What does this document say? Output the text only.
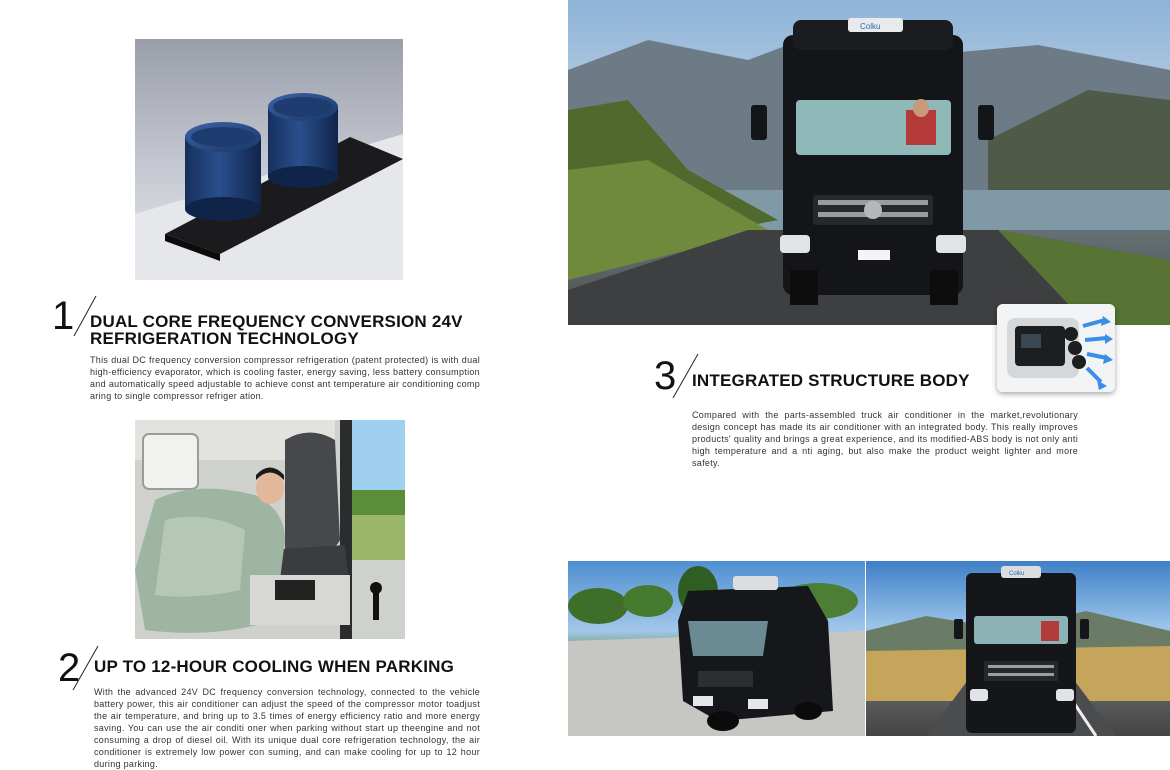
1 DUAL CORE FREQUENCY CONVERSION 24V
REFRIGERATION TECHNOLOGY
This dual DC frequency conversion compressor refrigeration (patent protected) is with dual high-efficiency evaporator, which is cooling faster, energy saving, less battery consumption and automatically speed adjustable to achieve const ant temperature air conditioning comp aring to single compressor refriger ation.
2 UP TO 12-HOUR COOLING WHEN PARKING
With the advanced 24V DC frequency conversion technology, connected to the vehicle battery power, this air conditioner can adjust the speed of the compressor motor toadjust the air temperature, and bring up to 3.5 times of energy efficiency ratio and more energy saving. You can use the air conditi oner when parking without start up theengine and not consuming a drop of diesel oil. With its unique dual core refrigeration technology, the air conditioner is extremely low power con suming, and can make cooling for up to 12 hour during parking.
Colku
3 INTEGRATED STRUCTURE BODY
Compared with the parts-assembled truck air conditioner in the market,revolutionary design concept has made its air conditioner with an integrated body. This really improves products' quality and brings a great experience, and its modified-ABS body is not only anti high temperature and a nti aging, but also make the product weight lighter and more safety.
Colku
